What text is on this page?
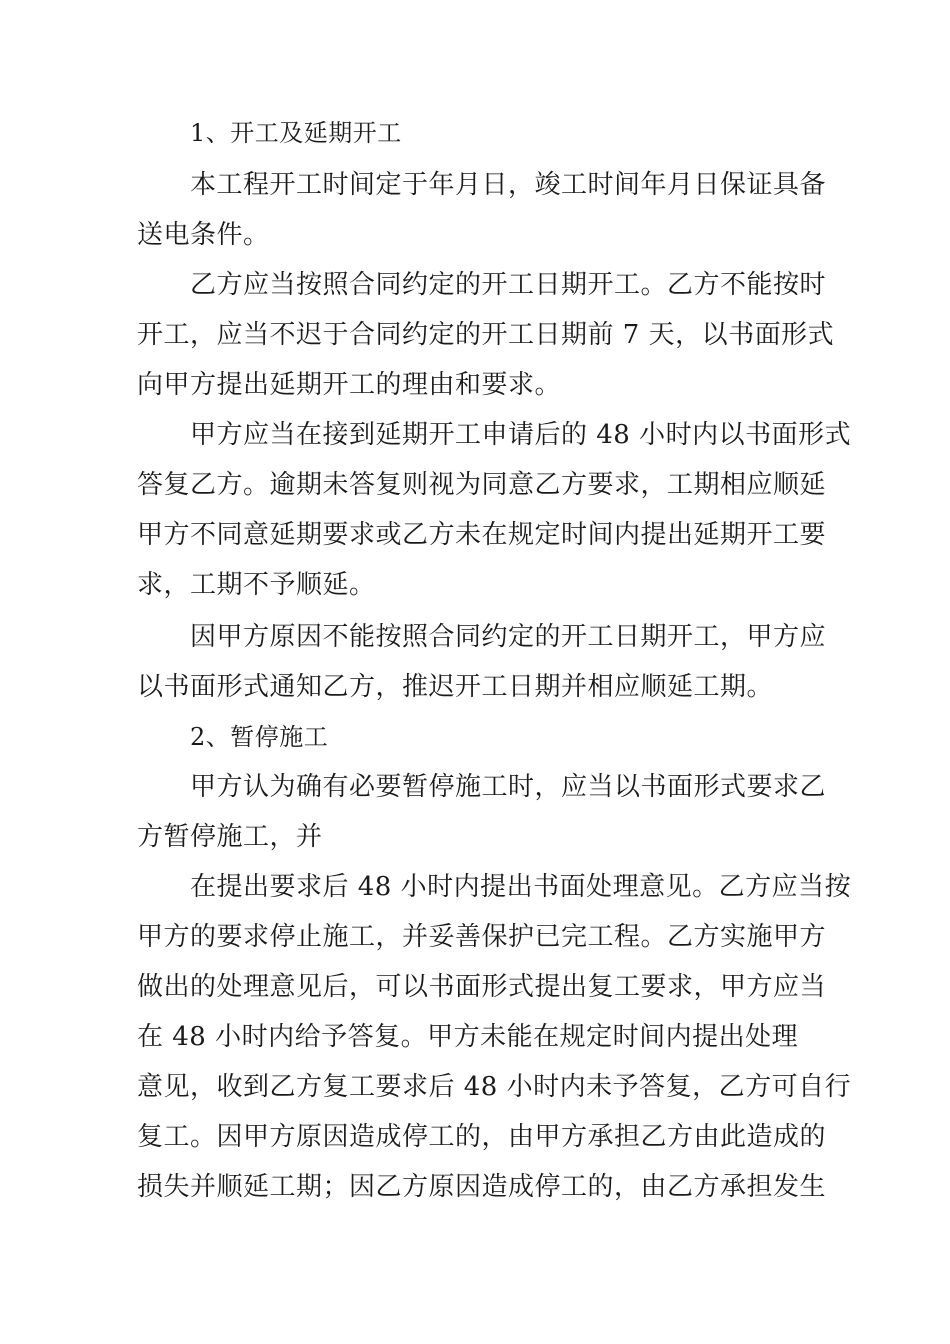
1、开工及延期开工
本工程开工时间定于年月日，竣工时间年月日保证具备
送电条件。
乙方应当按照合同约定的开工日期开工。乙方不能按时
开工，应当不迟于合同约定的开工日期前 7 天，以书面形式
向甲方提出延期开工的理由和要求。
甲方应当在接到延期开工申请后的 48 小时内以书面形式
答复乙方。逾期未答复则视为同意乙方要求，工期相应顺延
甲方不同意延期要求或乙方未在规定时间内提出延期开工要
求，工期不予顺延。
因甲方原因不能按照合同约定的开工日期开工，甲方应
以书面形式通知乙方，推迟开工日期并相应顺延工期。
2、暂停施工
甲方认为确有必要暂停施工时，应当以书面形式要求乙
方暂停施工，并
在提出要求后 48 小时内提出书面处理意见。乙方应当按
甲方的要求停止施工，并妥善保护已完工程。乙方实施甲方
做出的处理意见后，可以书面形式提出复工要求，甲方应当
在 48 小时内给予答复。甲方未能在规定时间内提出处理
意见，收到乙方复工要求后 48 小时内未予答复，乙方可自行
复工。因甲方原因造成停工的，由甲方承担乙方由此造成的
损失并顺延工期；因乙方原因造成停工的，由乙方承担发生
